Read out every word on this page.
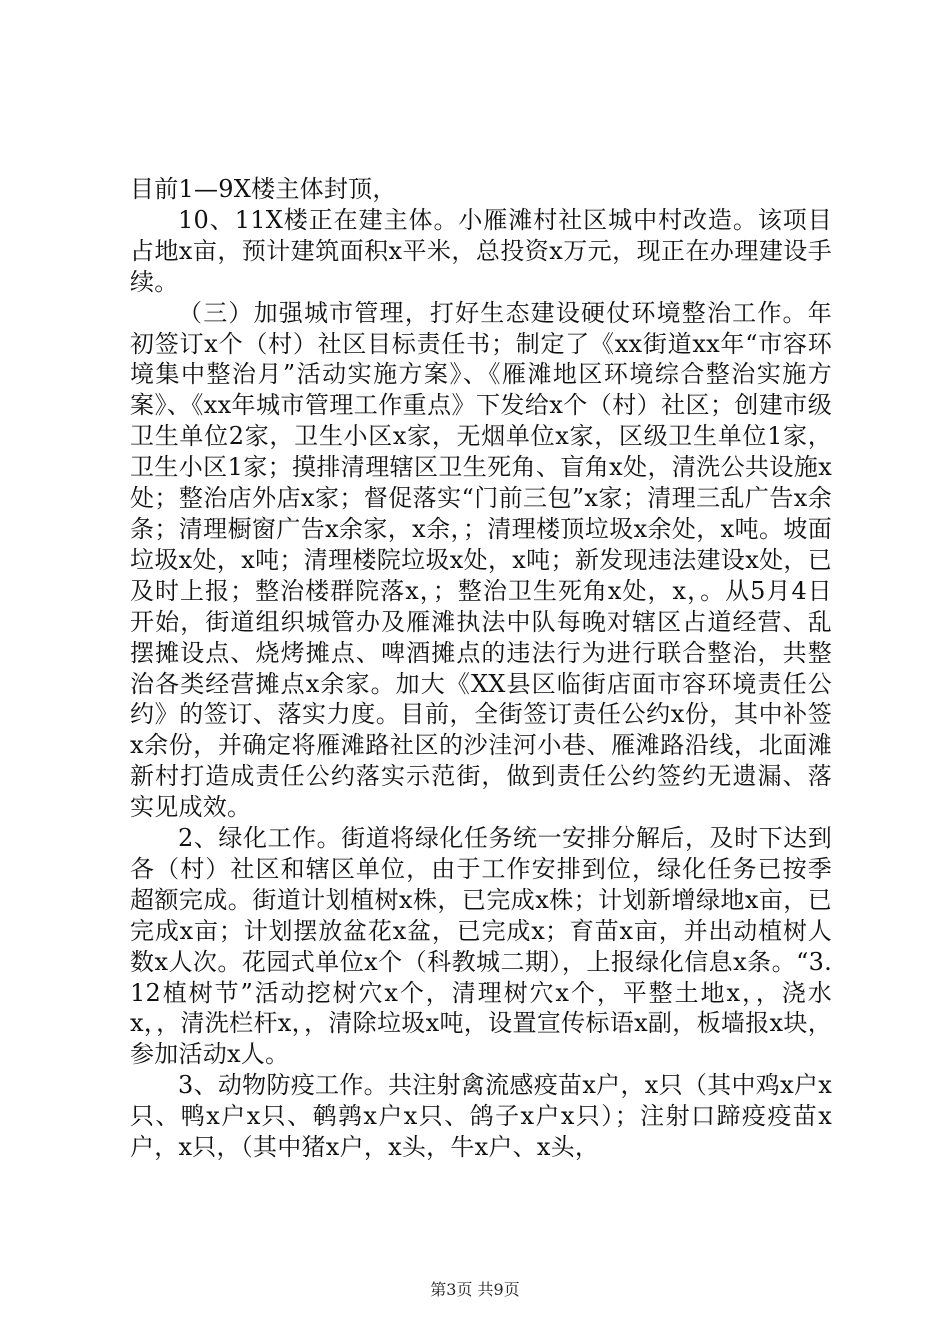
目前1—9X楼主体封顶，

10、11X楼正在建主体。小雁滩村社区城中村改造。该项目占地x亩，预计建筑面积x平米，总投资x万元，现正在办理建设手续。

（三）加强城市管理，打好生态建设硬仗环境整治工作。年初签订x个（村）社区目标责任书；制定了《xx街道xx年“市容环境集中整治月”活动实施方案》、《雁滩地区环境综合整治实施方案》、《xx年城市管理工作重点》下发给x个（村）社区；创建市级卫生单位2家，卫生小区x家，无烟单位x家，区级卫生单位1家，卫生小区1家；摸排清理辖区卫生死角、盲角x处，清洗公共设施x处；整治店外店x家；督促落实“门前三包”x家；清理三乱广告x余条；清理橱窗广告x余家，x余，；清理楼顶垃圾x余处，x吨。坡面垃圾x处，x吨；清理楼院垃圾x处，x吨；新发现违法建设x处，已及时上报；整治楼群院落x，；整治卫生死角x处，x，。从5月4日开始，街道组织城管办及雁滩执法中队每晚对辖区占道经营、乱摆摊设点、烧烤摊点、啤酒摊点的违法行为进行联合整治，共整治各类经营摊点x余家。加大《XX县区临街店面市容环境责任公约》的签订、落实力度。目前，全街签订责任公约x份，其中补签x余份，并确定将雁滩路社区的沙洼河小巷、雁滩路沿线，北面滩新村打造成责任公约落实示范街，做到责任公约签约无遗漏、落实见成效。

2、绿化工作。街道将绿化任务统一安排分解后，及时下达到各（村）社区和辖区单位，由于工作安排到位，绿化任务已按季超额完成。街道计划植树x株，已完成x株；计划新增绿地x亩，已完成x亩；计划摆放盆花x盆，已完成x；育苗x亩，并出动植树人数x人次。花园式单位x个（科教城二期），上报绿化信息x条。“3.12植树节”活动挖树穴x个，清理树穴x个，平整土地x，，浇水x，，清洗栏杆x，，清除垃圾x吨，设置宣传标语x副，板墙报x块，参加活动x人。

3、动物防疫工作。共注射禽流感疫苗x户，x只（其中鸡x户x只、鸭x户x只、鹌鹑x户x只、鸽子x户x只）；注射口蹄疫疫苗x户，x只，（其中猪x户，x头，牛x户、x头，

第3页 共9页
